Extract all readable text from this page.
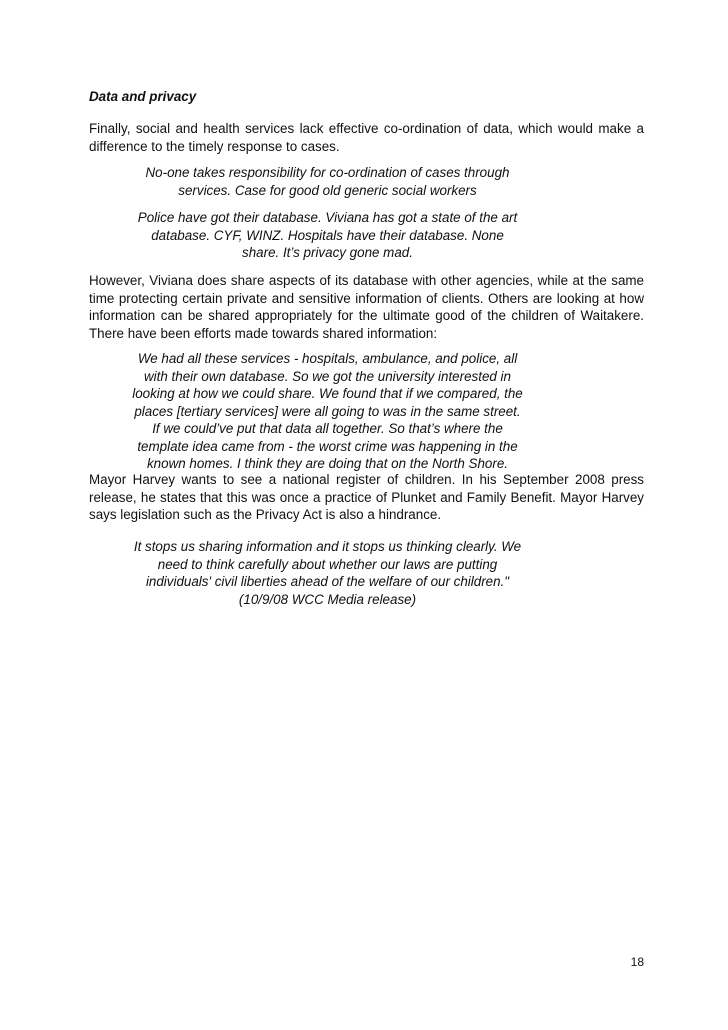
Data and privacy

Finally, social and health services lack effective co-ordination of data, which would make a difference to the timely response to cases.

No-one takes responsibility for co-ordination of cases through
services. Case for good old generic social workers
Police have got their database. Viviana has got a state of the art
database. CYF, WINZ. Hospitals have their database. None
share. It’s privacy gone mad.

However, Viviana does share aspects of its database with other agencies, while at the same time protecting certain private and sensitive information of clients. Others are looking at how information can be shared appropriately for the ultimate good of the children of Waitakere. There have been efforts made towards shared information:

We had all these services - hospitals, ambulance, and police, all
with their own database. So we got the university interested in
looking at how we could share. We found that if we compared, the
places [tertiary services] were all going to was in the same street.
If we could’ve put that data all together. So that’s where the
template idea came from - the worst crime was happening in the
known homes. I think they are doing that on the North Shore.

Mayor Harvey wants to see a national register of children. In his September 2008 press release, he states that this was once a practice of Plunket and Family Benefit. Mayor Harvey says legislation such as the Privacy Act is also a hindrance.

It stops us sharing information and it stops us thinking clearly. We
need to think carefully about whether our laws are putting
individuals' civil liberties ahead of the welfare of our children."
(10/9/08 WCC Media release)
18
